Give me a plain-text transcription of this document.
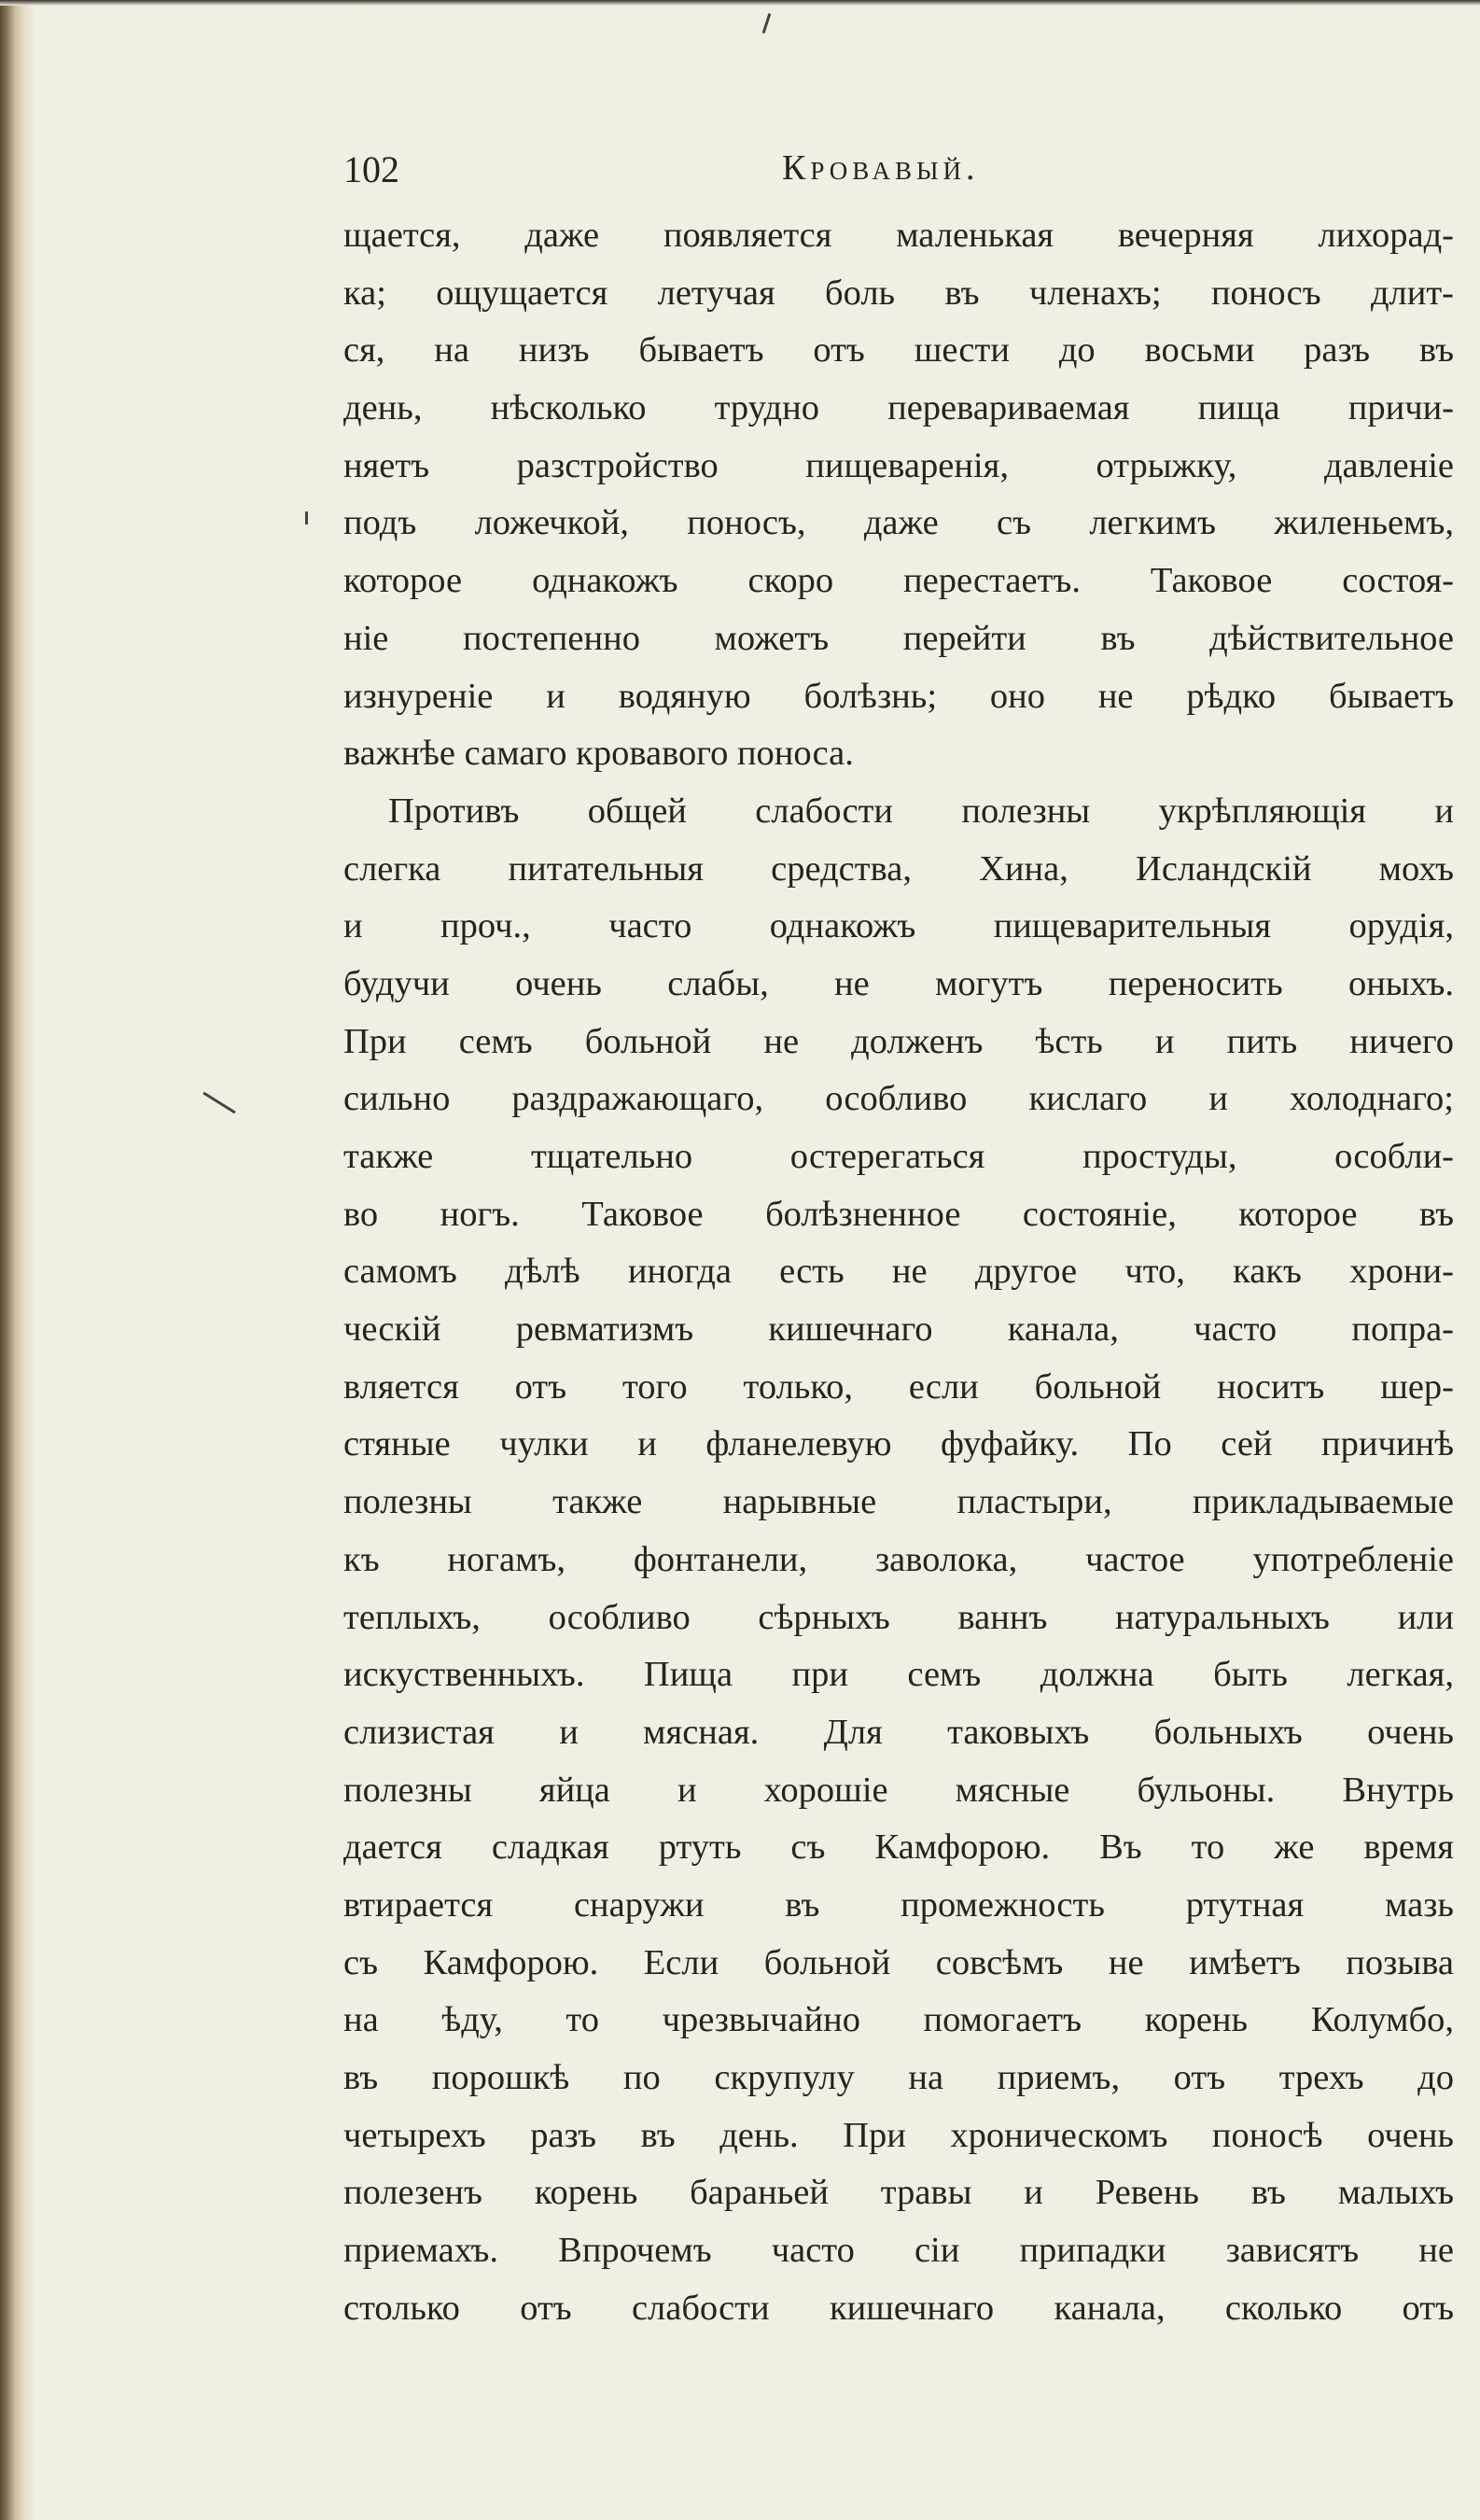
102	Кровавый.
щается, даже появляется маленькая вечерняя лихорад-
ка; ощущается летучая боль въ членахъ; поносъ длит-
ся, на низъ бываетъ отъ шести до восьми разъ въ
день, нѣсколько трудно перевариваемая пища причи-
няетъ разстройство пищеваренія, отрыжку, давленіе
подъ ложечкой, поносъ, даже съ легкимъ жиленьемъ,
которое однакожъ скоро перестаетъ. Таковое состоя-
ніе постепенно можетъ перейти въ дѣйствительное
изнуреніе и водяную болѣзнь; оно не рѣдко бываетъ
важнѣе самаго кровавого поноса.
Противъ общей слабости полезны укрѣпляющія и
слегка питательныя средства, Хина, Исландскій мохъ
и проч., часто однакожъ пищеварительныя орудія,
будучи очень слабы, не могутъ переносить оныхъ.
При семъ больной не долженъ ѣсть и пить ничего
сильно раздражающаго, особливо кислаго и холоднаго;
также тщательно остерегаться простуды, особли-
во ногъ. Таковое болѣзненное состояніе, которое въ
самомъ дѣлѣ иногда есть не другое что, какъ хрони-
ческій ревматизмъ кишечнаго канала, часто попра-
вляется отъ того только, если больной носитъ шер-
стяные чулки и фланелевую фуфайку. По сей причинѣ
полезны также нарывные пластыри, прикладываемые
къ ногамъ, фонтанели, заволока, частое употребленіе
теплыхъ, особливо сѣрныхъ ваннъ натуральныхъ или
искуственныхъ. Пища при семъ должна быть легкая,
слизистая и мясная. Для таковыхъ больныхъ очень
полезны яйца и хорошіе мясные бульоны. Внутрь
дается сладкая ртуть съ Камфорою. Въ то же время
втирается снаружи въ промежность ртутная мазь
съ Камфорою. Если больной совсѣмъ не имѣетъ позыва
на ѣду, то чрезвычайно помогаетъ корень Колумбо,
въ порошкѣ по скрупулу на приемъ, отъ трехъ до
четырехъ разъ въ день. При хроническомъ поносѣ очень
полезенъ корень бараньей травы и Ревень въ малыхъ
приемахъ. Впрочемъ часто сіи припадки зависятъ не
столько отъ слабости кишечнаго канала, сколько отъ
